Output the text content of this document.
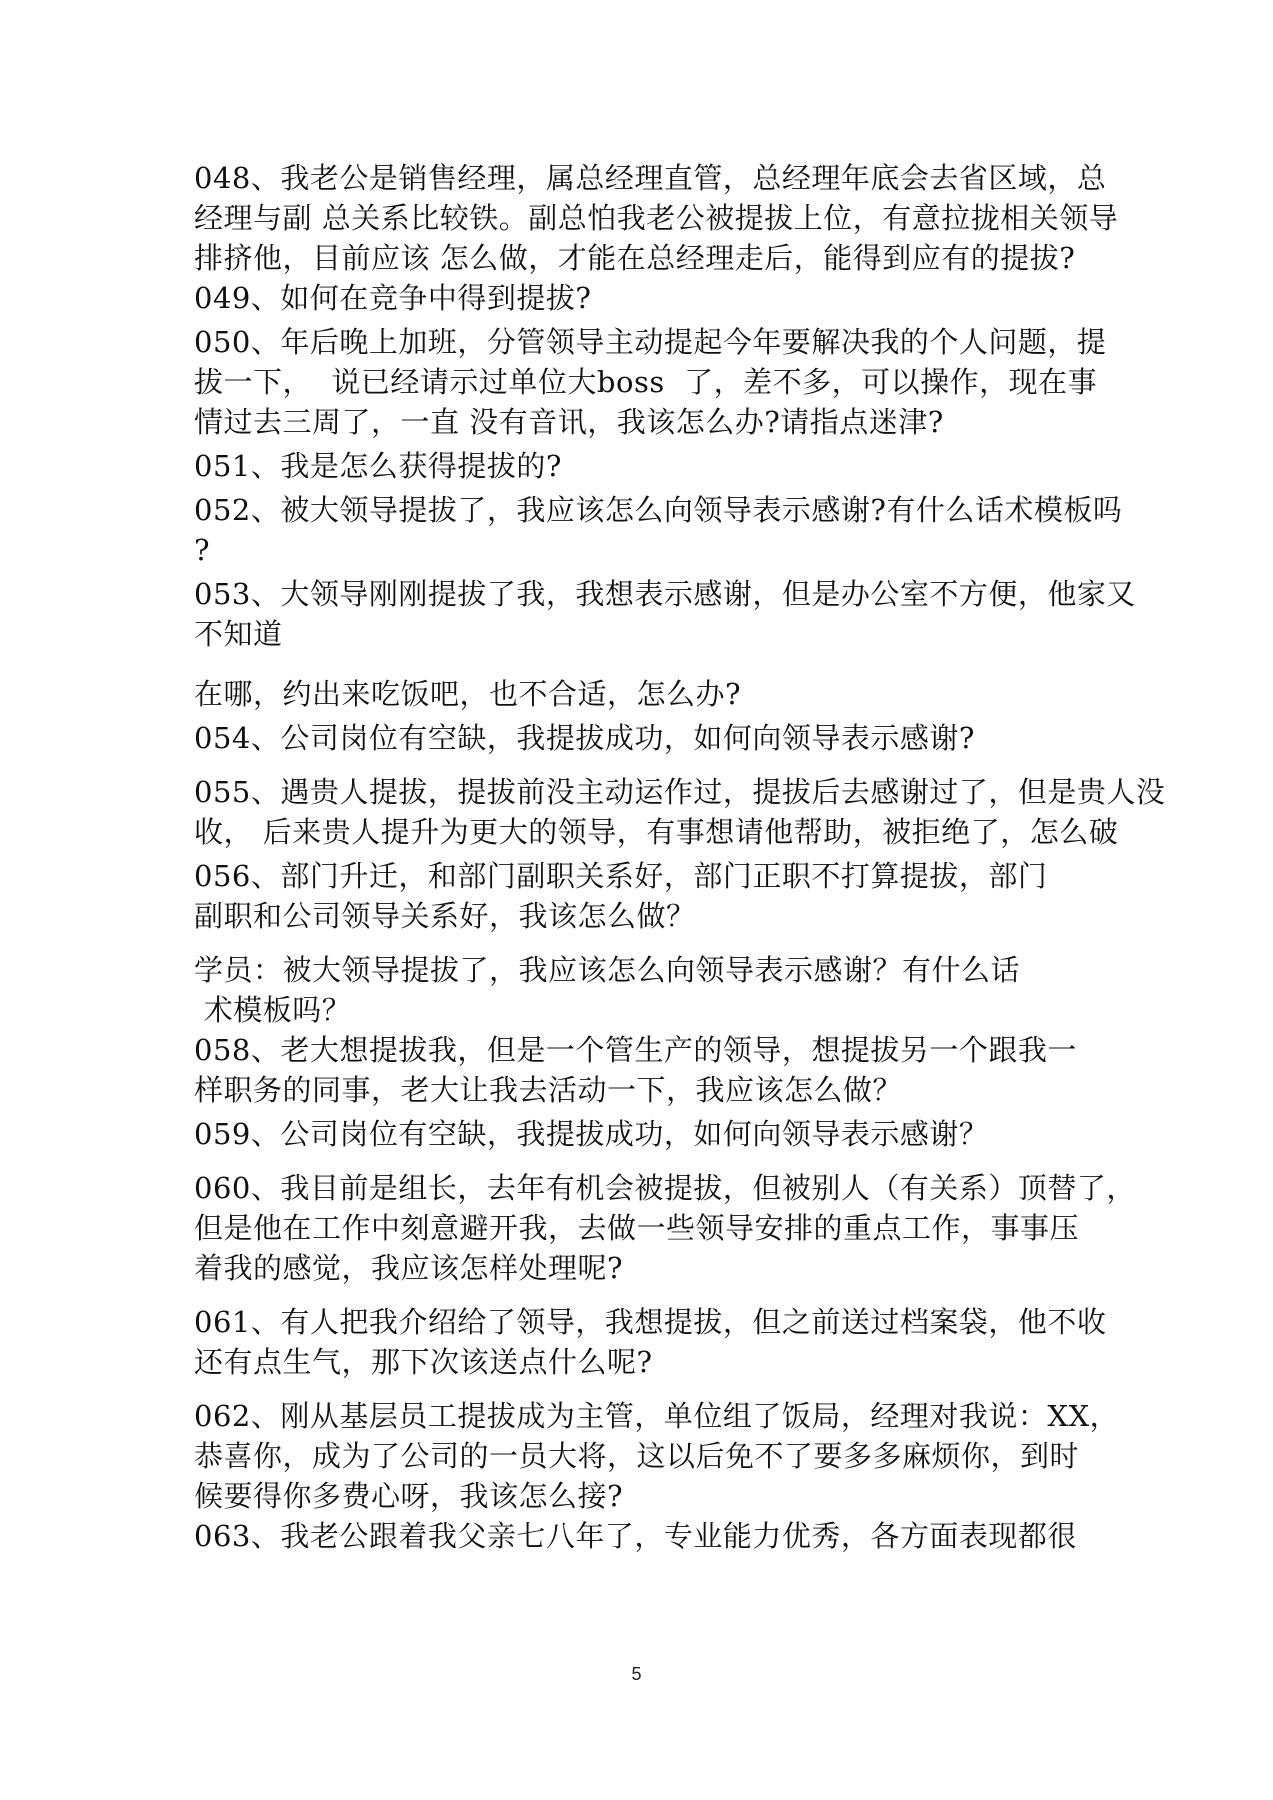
048、我老公是销售经理，属总经理直管，总经理年底会去省区域，总
经理与副 总关系比较铁。副总怕我老公被提拔上位，有意拉拢相关领导
排挤他，目前应该 怎么做，才能在总经理走后，能得到应有的提拔?
049、如何在竞争中得到提拔?
050、年后晚上加班，分管领导主动提起今年要解决我的个人问题，提
拔一下，  说已经请示过单位大boss  了，差不多，可以操作，现在事
情过去三周了，一直 没有音讯，我该怎么办?请指点迷津?
051、我是怎么获得提拔的?
052、被大领导提拔了，我应该怎么向领导表示感谢?有什么话术模板吗
?
053、大领导刚刚提拔了我，我想表示感谢，但是办公室不方便，他家又
不知道
在哪，约出来吃饭吧，也不合适，怎么办?
054、公司岗位有空缺，我提拔成功，如何向领导表示感谢?
055、遇贵人提拔，提拔前没主动运作过，提拔后去感谢过了，但是贵人没
收， 后来贵人提升为更大的领导，有事想请他帮助，被拒绝了，怎么破
056、部门升迁，和部门副职关系好，部门正职不打算提拔，部门
副职和公司领导关系好，我该怎么做？
学员：被大领导提拔了，我应该怎么向领导表示感谢？有什么话
术模板吗？
058、老大想提拔我，但是一个管生产的领导，想提拔另一个跟我一
样职务的同事，老大让我去活动一下，我应该怎么做？
059、公司岗位有空缺，我提拔成功，如何向领导表示感谢？
060、我目前是组长，去年有机会被提拔，但被别人（有关系）顶替了，
但是他在工作中刻意避开我，去做一些领导安排的重点工作，事事压
着我的感觉，我应该怎样处理呢?
061、有人把我介绍给了领导，我想提拔，但之前送过档案袋，他不收
还有点生气，那下次该送点什么呢?
062、刚从基层员工提拔成为主管，单位组了饭局，经理对我说：XX，
恭喜你，成为了公司的一员大将，这以后免不了要多多麻烦你，到时
候要得你多费心呀，我该怎么接?
063、我老公跟着我父亲七八年了，专业能力优秀，各方面表现都很
5
